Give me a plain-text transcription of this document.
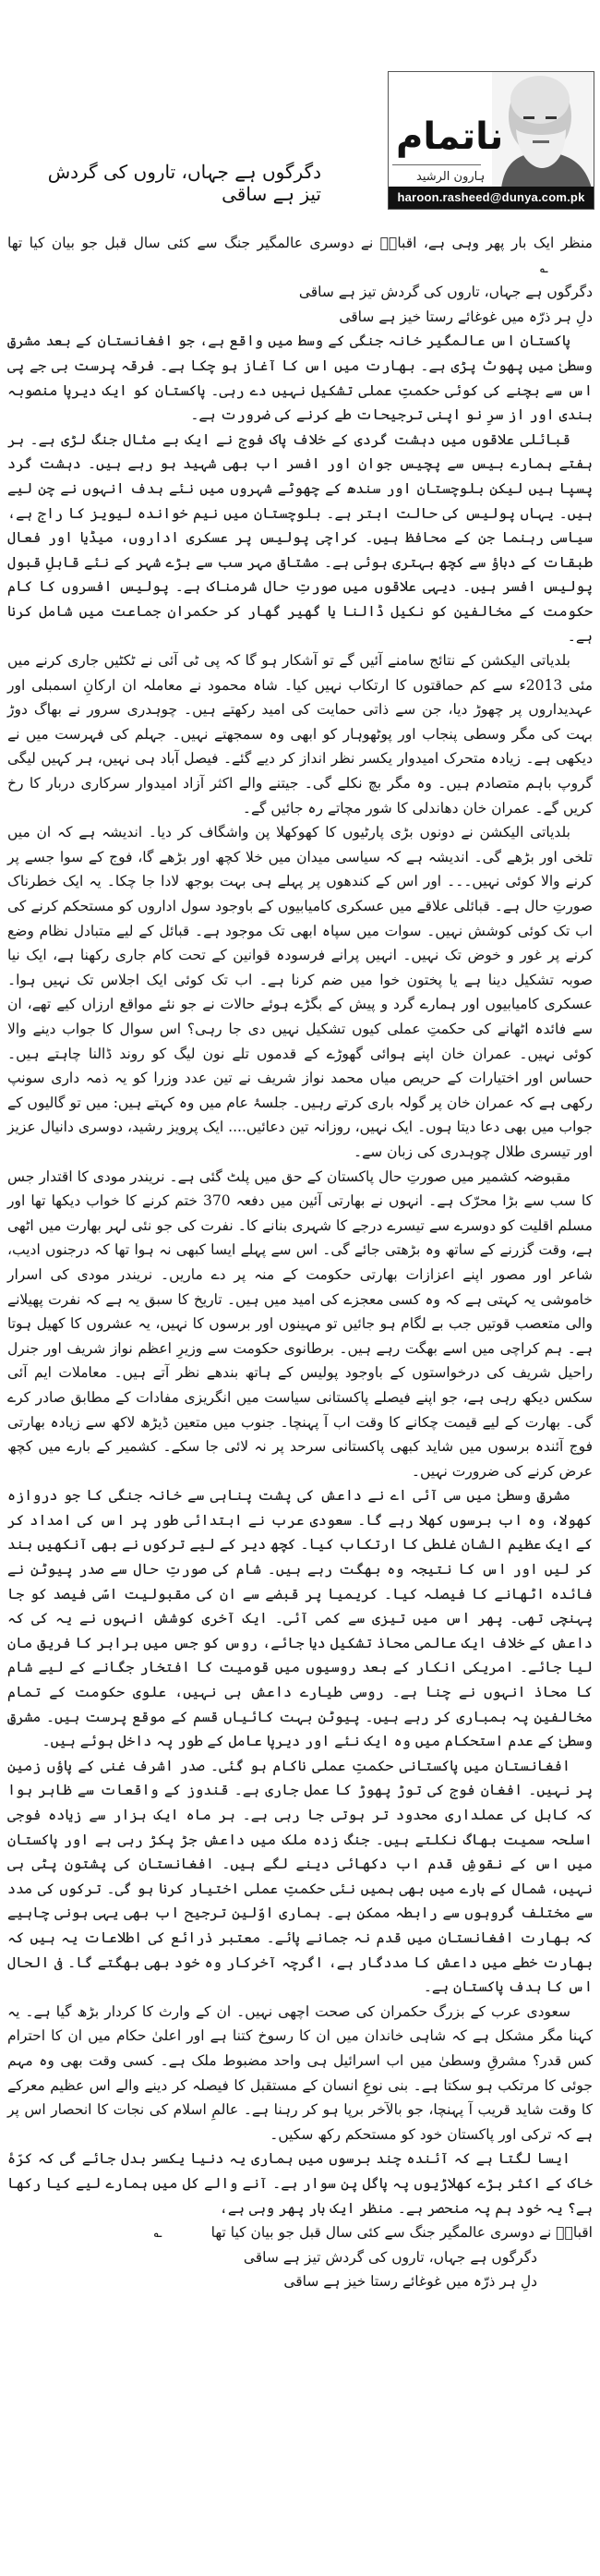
ناتمام
ہارون الرشید
haroon.rasheed@dunya.com.pk
دگرگوں ہے جہاں، تاروں کی گردش تیز ہے ساقی

منظر ایک بار پھر وہی ہے، اقبالؔ نے دوسری عالمگیر جنگ سے کئی سال قبل جو بیان کیا تھا ؎

دگرگوں ہے جہاں، تاروں کی گردش تیز ہے ساقی
دلِ ہر ذرّہ میں غوغائے رستا خیز ہے ساقی

پاکستان اس عالمگیر خانہ جنگی کے وسط میں واقع ہے، جو افغانستان کے بعد مشرقِ وسطیٰ میں پھوٹ پڑی ہے۔ بھارت میں اس کا آغاز ہو چکا ہے۔ فرقہ پرست بی جے پی اس سے بچنے کی کوئی حکمتِ عملی تشکیل نہیں دے رہی۔ پاکستان کو ایک دیرپا منصوبہ بندی اور از سرِ نو اپنی ترجیحات طے کرنے کی ضرورت ہے۔

قبائلی علاقوں میں دہشت گردی کے خلاف پاک فوج نے ایک بے مثال جنگ لڑی ہے۔ ہر ہفتے ہمارے بیس سے پچیس جوان اور افسر اب بھی شہید ہو رہے ہیں۔ دہشت گرد پسپا ہیں لیکن بلوچستان اور سندھ کے چھوٹے شہروں میں نئے ہدف انہوں نے چن لیے ہیں۔ یہاں پولیس کی حالت ابتر ہے۔ بلوچستان میں نیم خواندہ لیویز کا راج ہے، سیاسی رہنما جن کے محافظ ہیں۔ کراچی پولیس پر عسکری اداروں، میڈیا اور فعال طبقات کے دباؤ سے کچھ بہتری ہوئی ہے۔ مشتاق مہر سب سے بڑے شہر کے نئے قابلِ قبول پولیس افسر ہیں۔ دیہی علاقوں میں صورتِ حال شرمناک ہے۔ پولیس افسروں کا کام حکومت کے مخالفین کو نکیل ڈالنا یا گھیر گھار کر حکمران جماعت میں شامل کرنا ہے۔

بلدیاتی الیکشن کے نتائج سامنے آئیں گے تو آشکار ہو گا کہ پی ٹی آئی نے ٹکٹیں جاری کرنے میں مئی 2013ء سے کم حماقتوں کا ارتکاب نہیں کیا۔ شاہ محمود نے معاملہ ان ارکانِ اسمبلی اور عہدیداروں پر چھوڑ دیا، جن سے ذاتی حمایت کی امید رکھتے ہیں۔ چوہدری سرور نے بھاگ دوڑ بہت کی مگر وسطی پنجاب اور پوٹھوہار کو ابھی وہ سمجھتے نہیں۔ جہلم کی فہرست میں نے دیکھی ہے۔ زیادہ متحرک امیدوار یکسر نظر انداز کر دیے گئے۔ فیصل آباد ہی نہیں، ہر کہیں لیگی گروپ باہم متصادم ہیں۔ وہ مگر بچ نکلے گی۔ جیتنے والے اکثر آزاد امیدوار سرکاری دربار کا رخ کریں گے۔ عمران خان دھاندلی کا شور مچاتے رہ جائیں گے۔

بلدیاتی الیکشن نے دونوں بڑی پارٹیوں کا کھوکھلا پن واشگاف کر دیا۔ اندیشہ ہے کہ ان میں تلخی اور بڑھے گی۔ اندیشہ ہے کہ سیاسی میدان میں خلا کچھ اور بڑھے گا، فوج کے سوا جسے پر کرنے والا کوئی نہیں۔۔۔ اور اس کے کندھوں پر پہلے ہی بہت بوجھ لادا جا چکا۔ یہ ایک خطرناک صورتِ حال ہے۔ قبائلی علاقے میں عسکری کامیابیوں کے باوجود سول اداروں کو مستحکم کرنے کی اب تک کوئی کوشش نہیں۔ سوات میں سپاہ ابھی تک موجود ہے۔ قبائل کے لیے متبادل نظام وضع کرنے پر غور و خوض تک نہیں۔ انہیں پرانے فرسودہ قوانین کے تحت کام جاری رکھنا ہے، ایک نیا صوبہ تشکیل دینا ہے یا پختون خوا میں ضم کرنا ہے۔ اب تک کوئی ایک اجلاس تک نہیں ہوا۔ عسکری کامیابیوں اور ہمارے گرد و پیش کے بگڑے ہوئے حالات نے جو نئے مواقع ارزاں کیے تھے، ان سے فائدہ اٹھانے کی حکمتِ عملی کیوں تشکیل نہیں دی جا رہی؟ اس سوال کا جواب دینے والا کوئی نہیں۔ عمران خان اپنے ہوائی گھوڑے کے قدموں تلے نون لیگ کو روند ڈالنا چاہتے ہیں۔ حساس اور اختیارات کے حریص میاں محمد نواز شریف نے تین عدد وزرا کو یہ ذمہ داری سونپ رکھی ہے کہ عمران خان پر گولہ باری کرتے رہیں۔ جلسۂ عام میں وہ کہتے ہیں: میں تو گالیوں کے جواب میں بھی دعا دیتا ہوں۔ ایک نہیں، روزانہ تین دعائیں.... ایک پرویز رشید، دوسری دانیال عزیز اور تیسری طلال چوہدری کی زبان سے۔

مقبوضہ کشمیر میں صورتِ حال پاکستان کے حق میں پلٹ گئی ہے۔ نریندر مودی کا اقتدار جس کا سب سے بڑا محرّک ہے۔ انہوں نے بھارتی آئین میں دفعہ 370 ختم کرنے کا خواب دیکھا تھا اور مسلم اقلیت کو دوسرے سے تیسرے درجے کا شہری بنانے کا۔ نفرت کی جو نئی لہر بھارت میں اٹھی ہے، وقت گزرنے کے ساتھ وہ بڑھتی جائے گی۔ اس سے پہلے ایسا کبھی نہ ہوا تھا کہ درجنوں ادیب، شاعر اور مصور اپنے اعزازات بھارتی حکومت کے منہ پر دے ماریں۔ نریندر مودی کی اسرار خاموشی یہ کہتی ہے کہ وہ کسی معجزے کی امید میں ہیں۔ تاریخ کا سبق یہ ہے کہ نفرت پھیلانے والی متعصب قوتیں جب بے لگام ہو جائیں تو مہینوں اور برسوں کا نہیں، یہ عشروں کا کھیل ہوتا ہے۔ ہم کراچی میں اسے بھگت رہے ہیں۔ برطانوی حکومت سے وزیرِ اعظم نواز شریف اور جنرل راحیل شریف کی درخواستوں کے باوجود پولیس کے ہاتھ بندھے نظر آتے ہیں۔ معاملات ایم آئی سکس دیکھ رہی ہے، جو اپنے فیصلے پاکستانی سیاست میں انگریزی مفادات کے مطابق صادر کرے گی۔ بھارت کے لیے قیمت چکانے کا وقت اب آ پہنچا۔ جنوب میں متعین ڈیڑھ لاکھ سے زیادہ بھارتی فوج آئندہ برسوں میں شاید کبھی پاکستانی سرحد پر نہ لائی جا سکے۔ کشمیر کے بارے میں کچھ عرض کرنے کی ضرورت نہیں۔

مشرقِ وسطیٰ میں سی آئی اے نے داعش کی پشت پناہی سے خانہ جنگی کا جو دروازہ کھولا، وہ اب برسوں کھلا رہے گا۔ سعودی عرب نے ابتدائی طور پر اس کی امداد کر کے ایک عظیم الشان غلطی کا ارتکاب کیا۔ کچھ دیر کے لیے ترکوں نے بھی آنکھیں بند کر لیں اور اس کا نتیجہ وہ بھگت رہے ہیں۔ شام کی صورتِ حال سے صدر پیوٹن نے فائدہ اٹھانے کا فیصلہ کیا۔ کریمیا پر قبضے سے ان کی مقبولیت اسّی فیصد کو جا پہنچی تھی۔ پھر اس میں تیزی سے کمی آئی۔ ایک آخری کوشش انہوں نے یہ کی کہ داعش کے خلاف ایک عالمی محاذ تشکیل دیا جائے، روس کو جس میں برابر کا فریق مان لیا جائے۔ امریکی انکار کے بعد روسیوں میں قومیت کا افتخار جگانے کے لیے شام کا محاذ انہوں نے چنا ہے۔ روسی طیارے داعش ہی نہیں، علوی حکومت کے تمام مخالفین پہ بمباری کر رہے ہیں۔ پیوٹن بہت کائیاں قسم کے موقع پرست ہیں۔ مشرقِ وسطیٰ کے عدم استحکام میں وہ ایک نئے اور دیرپا عامل کے طور پہ داخل ہوئے ہیں۔

افغانستان میں پاکستانی حکمتِ عملی ناکام ہو گئی۔ صدر اشرف غنی کے پاؤں زمین پر نہیں۔ افغان فوج کی توڑ پھوڑ کا عمل جاری ہے۔ قندوز کے واقعات سے ظاہر ہوا کہ کابل کی عملداری محدود تر ہوتی جا رہی ہے۔ ہر ماہ ایک ہزار سے زیادہ فوجی اسلحہ سمیت بھاگ نکلتے ہیں۔ جنگ زدہ ملک میں داعش جڑ پکڑ رہی ہے اور پاکستان میں اس کے نقوشِ قدم اب دکھائی دینے لگے ہیں۔ افغانستان کی پشتون پٹی ہی نہیں، شمال کے بارے میں بھی ہمیں نئی حکمتِ عملی اختیار کرنا ہو گی۔ ترکوں کی مدد سے مختلف گروہوں سے رابطہ ممکن ہے۔ ہماری اوّلین ترجیح اب بھی یہی ہونی چاہیے کہ بھارت افغانستان میں قدم نہ جمانے پائے۔ معتبر ذرائع کی اطلاعات یہ ہیں کہ بھارت خطے میں داعش کا مددگار ہے، اگرچہ آخرکار وہ خود بھی بھگتے گا۔ فی الحال اس کا ہدف پاکستان ہے۔

سعودی عرب کے بزرگ حکمران کی صحت اچھی نہیں۔ ان کے وارث کا کردار بڑھ گیا ہے۔ یہ کہنا مگر مشکل ہے کہ شاہی خاندان میں ان کا رسوخ کتنا ہے اور اعلیٰ حکام میں ان کا احترام کس قدر؟ مشرقِ وسطیٰ میں اب اسرائیل ہی واحد مضبوط ملک ہے۔ کسی وقت بھی وہ مہم جوئی کا مرتکب ہو سکتا ہے۔ بنی نوعِ انسان کے مستقبل کا فیصلہ کر دینے والے اس عظیم معرکے کا وقت شاید قریب آ پہنچا، جو بالآخر برپا ہو کر رہنا ہے۔ عالمِ اسلام کی نجات کا انحصار اس پر ہے کہ ترکی اور پاکستان خود کو مستحکم رکھ سکیں۔

ایسا لگتا ہے کہ آئندہ چند برسوں میں ہماری یہ دنیا یکسر بدل جائے گی کہ کرّۂ خاک کے اکثر بڑے کھلاڑیوں پہ پاگل پن سوار ہے۔ آنے والے کل میں ہمارے لیے کیا رکھا ہے؟ یہ خود ہم پہ منحصر ہے۔ منظر ایک بار پھر وہی ہے،

اقبالؔ نے دوسری عالمگیر جنگ سے کئی سال قبل جو بیان کیا تھا ؎

دگرگوں ہے جہاں، تاروں کی گردش تیز ہے ساقی
دلِ ہر ذرّہ میں غوغائے رستا خیز ہے ساقی
